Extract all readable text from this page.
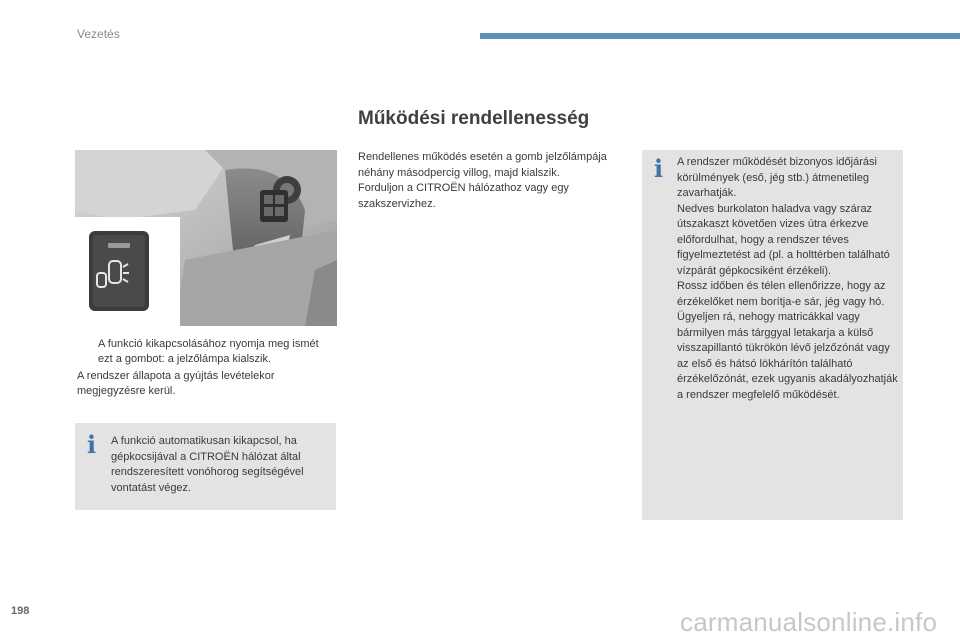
Vezetés
Működési rendellenesség
A funkció kikapcsolásához nyomja meg ismét ezt a gombot: a jelzőlámpa kialszik.
A rendszer állapota a gyújtás levételekor megjegyzésre kerül.
i	A funkció automatikusan kikapcsol, ha gépkocsijával a CITROËN hálózat által rendszeresített vonóhorog segítségével vontatást végez.

Rendellenes működés esetén a gomb jelzőlámpája néhány másodpercig villog, majd kialszik.

Forduljon a CITROËN hálózathoz vagy egy szakszervizhez.

i	A rendszer működését bizonyos időjárási körülmények (eső, jég stb.) átmenetileg zavarhatják.

Nedves burkolaton haladva vagy száraz útszakaszt követően vizes útra érkezve előfordulhat, hogy a rendszer téves figyelmeztetést ad (pl. a holttérben található vízpárát gépkocsiként érzékeli).

Rossz időben és télen ellenőrizze, hogy az érzékelőket nem borítja-e sár, jég vagy hó.

Ügyeljen rá, nehogy matricákkal vagy bármilyen más tárggyal letakarja a külső visszapillantó tükrökön lévő jelzőzónát vagy az első és hátsó lökhárítón található érzékelőzónát, ezek ugyanis akadályozhatják a rendszer megfelelő működését.

198	carmanualsonline.info
